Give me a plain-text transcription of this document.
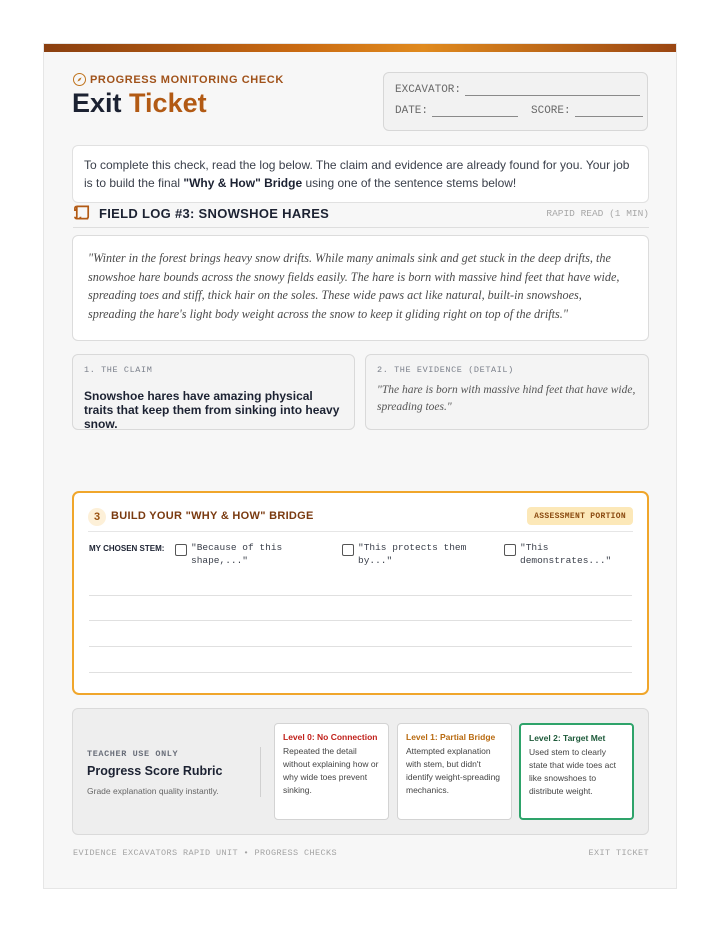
PROGRESS MONITORING CHECK
Exit Ticket	EXCAVATOR:
DATE:	SCORE:
To complete this check, read the log below. The claim and evidence are already found for you. Your job is to build the final "Why & How" Bridge using one of the sentence stems below!
FIELD LOG #3: SNOWSHOE HARES	RAPID READ (1 MIN)
"Winter in the forest brings heavy snow drifts. While many animals sink and get stuck in the deep drifts, the snowshoe hare bounds across the snowy fields easily. The hare is born with massive hind feet that have wide, spreading toes and stiff, thick hair on the soles. These wide paws act like natural, built-in snowshoes, spreading the hare's light body weight across the snow to keep it gliding right on top of the drifts."
1. THE CLAIM
Snowshoe hares have amazing physical traits that keep them from sinking into heavy snow.
2. THE EVIDENCE (DETAIL)
"The hare is born with massive hind feet that have wide, spreading toes."
3 BUILD YOUR "WHY & HOW" BRIDGE	ASSESSMENT PORTION
MY CHOSEN STEM:	"Because of this shape,..."
"This protects them by..."
"This demonstrates..."
TEACHER USE ONLY
Progress Score Rubric
Grade explanation quality instantly.
Level 0: No Connection
Repeated the detail without explaining how or why wide toes prevent sinking.
Level 1: Partial Bridge
Attempted explanation with stem, but didn't identify weight-spreading mechanics.
Level 2: Target Met
Used stem to clearly state that wide toes act like snowshoes to distribute weight.
EVIDENCE EXCAVATORS RAPID UNIT • PROGRESS CHECKS	EXIT TICKET
